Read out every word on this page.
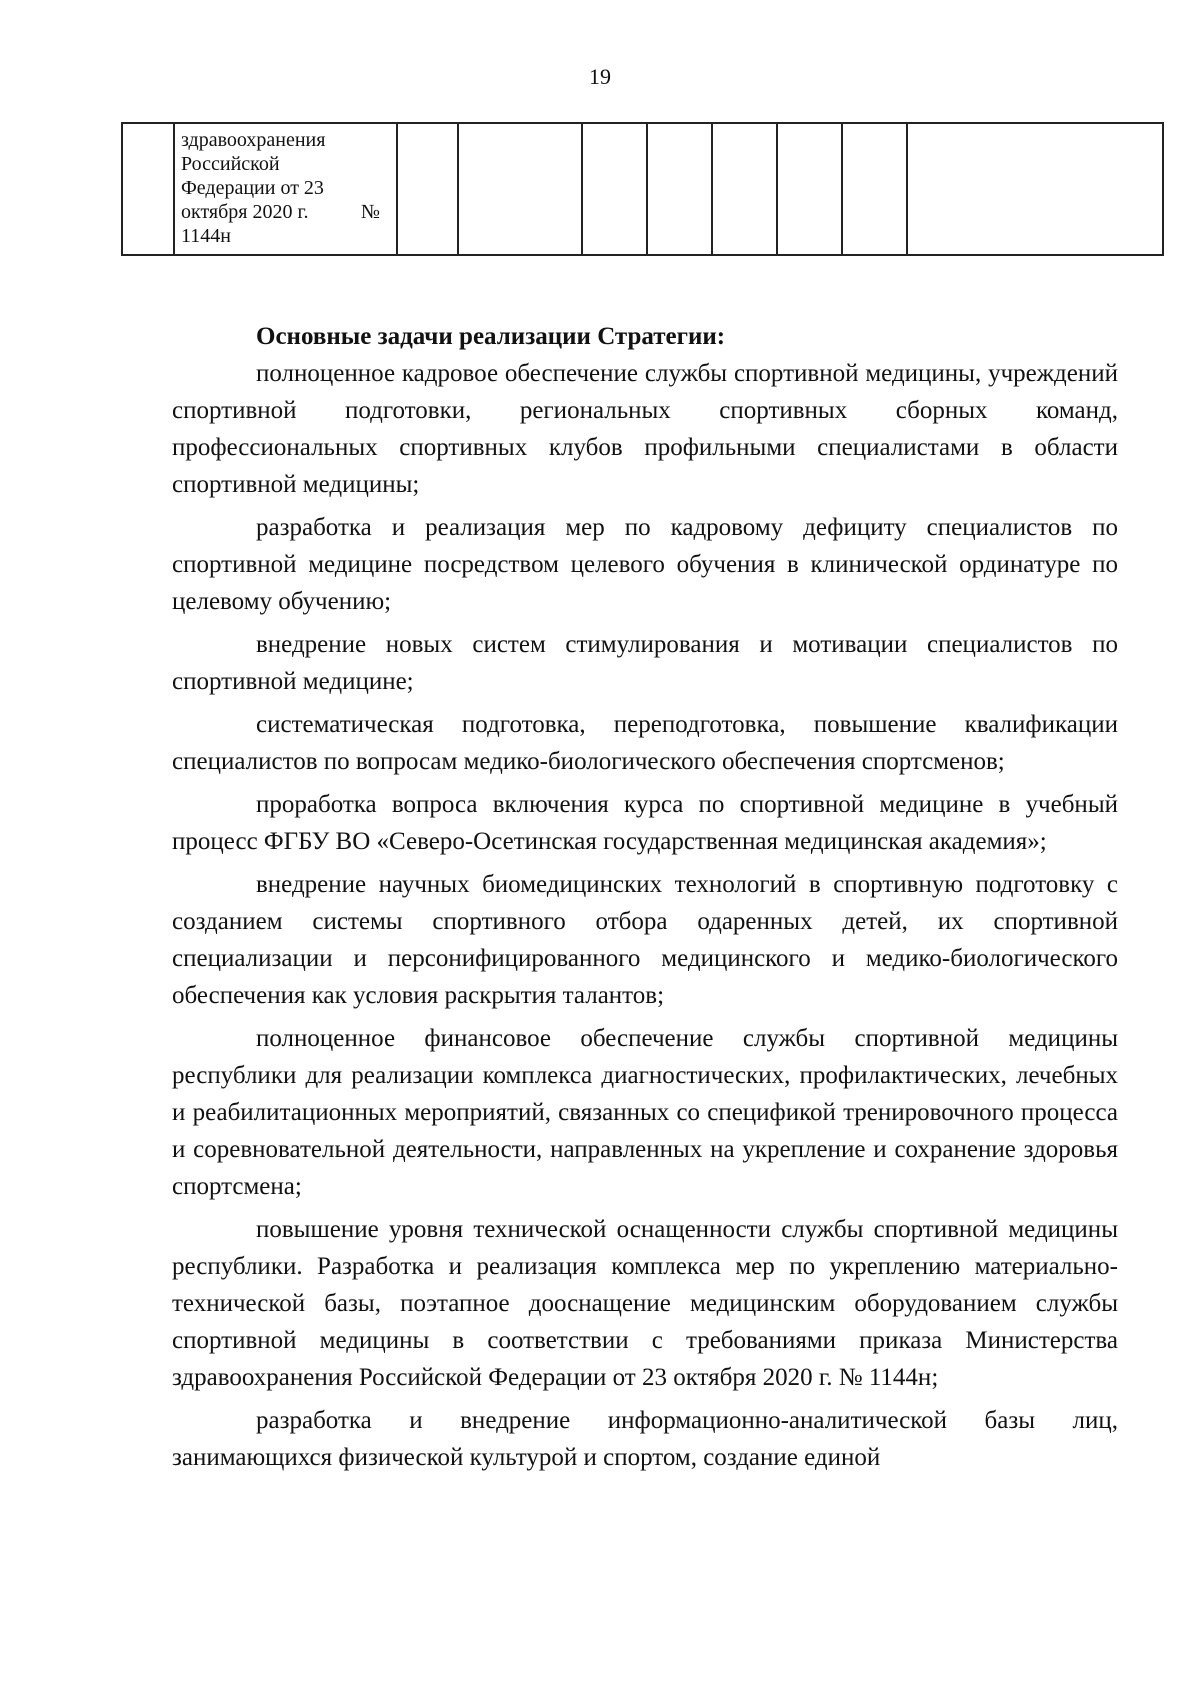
19

здравоохранения
Российской
Федерации от 23
октября 2020 г.	№
1144н

Основные задачи реализации Стратегии:

полноценное кадровое обеспечение службы спортивной медицины, учреждений спортивной подготовки, региональных спортивных сборных команд, профессиональных спортивных клубов профильными специалистами в области спортивной медицины;

разработка и реализация мер по кадровому дефициту специалистов по спортивной медицине посредством целевого обучения в клинической ординатуре по целевому обучению;

внедрение новых систем стимулирования и мотивации специалистов по спортивной медицине;

систематическая подготовка, переподготовка, повышение квалификации специалистов по вопросам медико-биологического обеспечения спортсменов;

проработка вопроса включения курса по спортивной медицине в учебный процесс ФГБУ ВО «Северо-Осетинская государственная медицинская академия»;

внедрение научных биомедицинских технологий в спортивную подготовку с созданием системы спортивного отбора одаренных детей, их спортивной специализации и персонифицированного медицинского и медико-биологического обеспечения как условия раскрытия талантов;

полноценное финансовое обеспечение службы спортивной медицины республики для реализации комплекса диагностических, профилактических, лечебных и реабилитационных мероприятий, связанных со спецификой тренировочного процесса и соревновательной деятельности, направленных на укрепление и сохранение здоровья спортсмена;

повышение уровня технической оснащенности службы спортивной медицины республики. Разработка и реализация комплекса мер по укреплению материально-технической базы, поэтапное дооснащение медицинским оборудованием службы спортивной медицины в соответствии с требованиями приказа Министерства здравоохранения Российской Федерации от 23 октября 2020 г. № 1144н;

разработка и внедрение информационно-аналитической базы лиц, занимающихся физической культурой и спортом, создание единой
